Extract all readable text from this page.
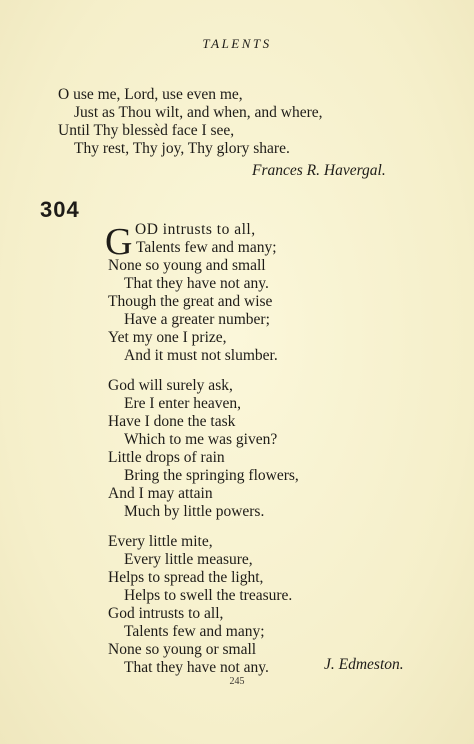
TALENTS
O use me, Lord, use even me,
Just as Thou wilt, and when, and where,
Until Thy blessèd face I see,
Thy rest, Thy joy, Thy glory share.
Frances R. Havergal.
304
G OD intrusts to all,
Talents few and many;
None so young and small
That they have not any.
Though the great and wise
Have a greater number;
Yet my one I prize,
And it must not slumber.
God will surely ask,
Ere I enter heaven,
Have I done the task
Which to me was given?
Little drops of rain
Bring the springing flowers,
And I may attain
Much by little powers.
Every little mite,
Every little measure,
Helps to spread the light,
Helps to swell the treasure.
God intrusts to all,
Talents few and many;
None so young or small
That they have not any.	J. Edmeston.
245
